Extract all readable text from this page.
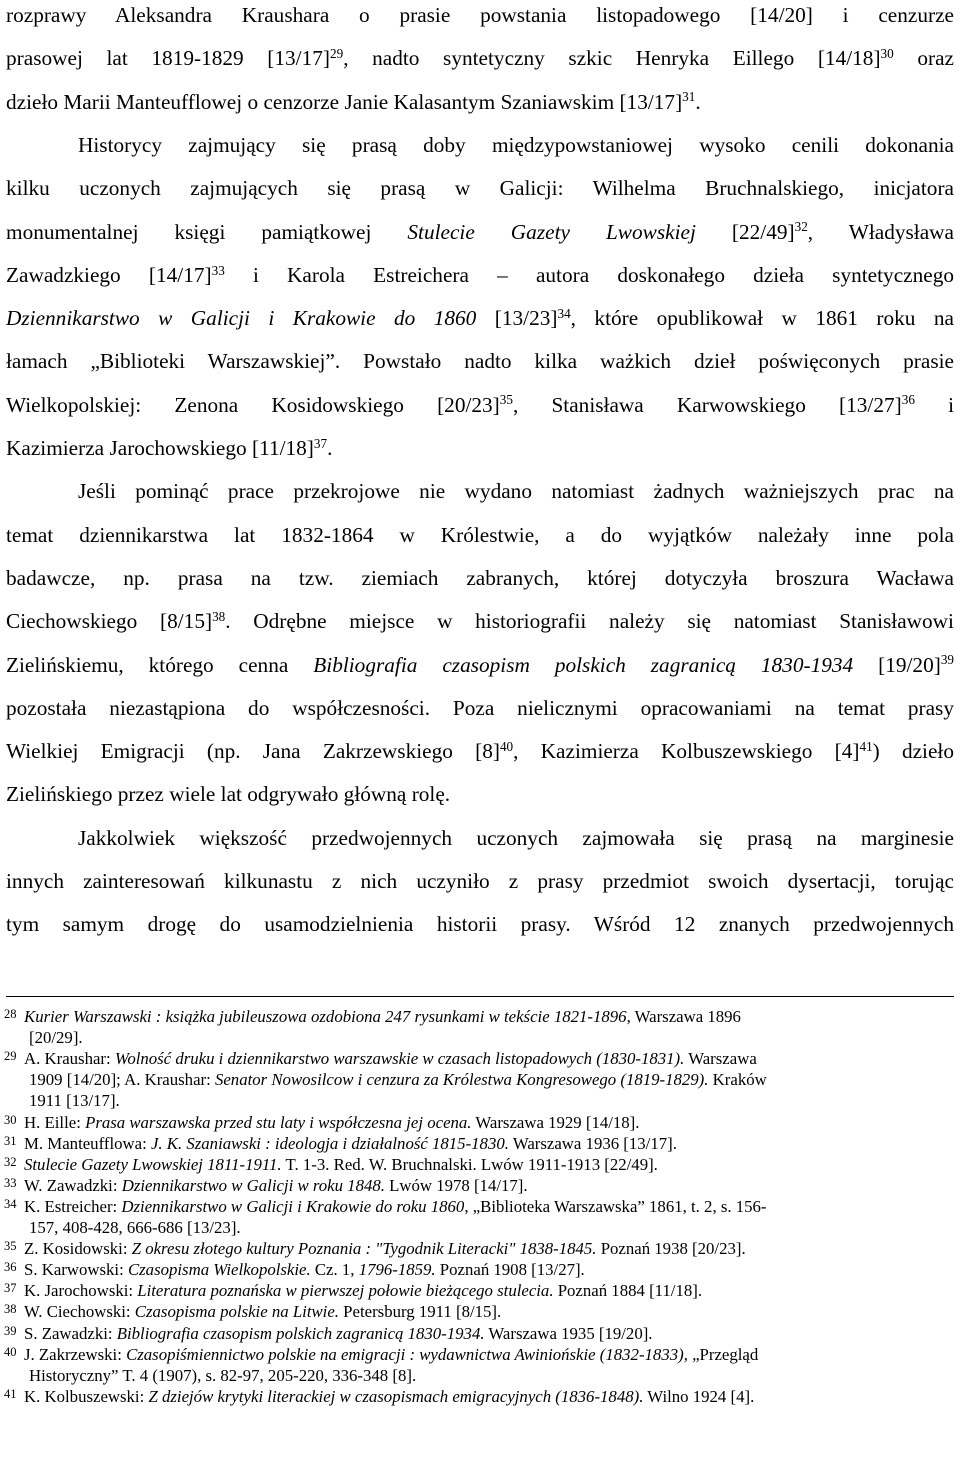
rozprawy Aleksandra Kraushara o prasie powstania listopadowego [14/20] i cenzurze
prasowej lat 1819-1829 $[13/17]^{29}$, nadto syntetyczny szkic Henryka Eillego $[14/18]^{30}$ oraz
dzieło Marii Manteufflowej o cenzorze Janie Kalasantym Szaniawskim $[13/17]^{31}$.
Historycy zajmujący się prasą doby międzypowstaniowej wysoko cenili dokonania
kilku uczonych zajmujących się prasą w Galicji: Wilhelma Bruchnalskiego, inicjatora
monumentalnej księgi pamiątkowej Stulecie Gazety Lwowskiej $[22/49]^{32}$, Władysława
Zawadzkiego $[14/17]^{33}$ i Karola Estreichera – autora doskonałego dzieła syntetycznego
Dziennikarstwo w Galicji i Krakowie do 1860 $[13/23]^{34}$, które opublikował w 1861 roku na
łamach „Biblioteki Warszawskiej”. Powstało nadto kilka ważkich dzieł poświęconych prasie
Wielkopolskiej: Zenona Kosidowskiego $[20/23]^{35}$, Stanisława Karwowskiego $[13/27]^{36}$ i
Kazimierza Jarochowskiego $[11/18]^{37}$.
Jeśli pominąć prace przekrojowe nie wydano natomiast żadnych ważniejszych prac na
temat dziennikarstwa lat 1832-1864 w Królestwie, a do wyjątków należały inne pola
badawcze, np. prasa na tzw. ziemiach zabranych, której dotyczyła broszura Wacława
Ciechowskiego $[8/15]^{38}$. Odrębne miejsce w historiografii należy się natomiast Stanisławowi
Zielińskiemu, którego cenna Bibliografia czasopism polskich zagranicą 1830-1934 $[19/20]^{39}$
pozostała niezastąpiona do współczesności. Poza nielicznymi opracowaniami na temat prasy
Wielkiej Emigracji (np. Jana Zakrzewskiego $[8]^{40}$, Kazimierza Kolbuszewskiego $[4]^{41}$) dzieło
Zielińskiego przez wiele lat odgrywało główną rolę.
Jakkolwiek większość przedwojennych uczonych zajmowała się prasą na marginesie
innych zainteresowań kilkunastu z nich uczyniło z prasy przedmiot swoich dysertacji, torując
tym samym drogę do usamodzielnienia historii prasy. Wśród 12 znanych przedwojennych
28 Kurier Warszawski : książka jubileuszowa ozdobiona 247 rysunkami w tekście 1821-1896, Warszawa 1896
[20/29].
29 A. Kraushar: Wolność druku i dziennikarstwo warszawskie w czasach listopadowych (1830-1831). Warszawa
1909 [14/20]; A. Kraushar: Senator Nowosilcow i cenzura za Królestwa Kongresowego (1819-1829). Kraków
1911 [13/17].
30 H. Eille: Prasa warszawska przed stu laty i współczesna jej ocena. Warszawa 1929 [14/18].
31 M. Manteufflowa: J. K. Szaniawski : ideologja i działalność 1815-1830. Warszawa 1936 [13/17].
32 Stulecie Gazety Lwowskiej 1811-1911. T. 1-3. Red. W. Bruchnalski. Lwów 1911-1913 [22/49].
33 W. Zawadzki: Dziennikarstwo w Galicji w roku 1848. Lwów 1978 [14/17].
34 K. Estreicher: Dziennikarstwo w Galicji i Krakowie do roku 1860, „Biblioteka Warszawska” 1861, t. 2, s. 156-
157, 408-428, 666-686 [13/23].
35 Z. Kosidowski: Z okresu złotego kultury Poznania : "Tygodnik Literacki" 1838-1845. Poznań 1938 [20/23].
36 S. Karwowski: Czasopisma Wielkopolskie. Cz. 1, 1796-1859. Poznań 1908 [13/27].
37 K. Jarochowski: Literatura poznańska w pierwszej połowie bieżącego stulecia. Poznań 1884 [11/18].
38 W. Ciechowski: Czasopisma polskie na Litwie. Petersburg 1911 [8/15].
39 S. Zawadzki: Bibliografia czasopism polskich zagranicą 1830-1934. Warszawa 1935 [19/20].
40 J. Zakrzewski: Czasopiśmiennictwo polskie na emigracji : wydawnictwa Awiniońskie (1832-1833), „Przegląd
Historyczny” T. 4 (1907), s. 82-97, 205-220, 336-348 [8].
41 K. Kolbuszewski: Z dziejów krytyki literackiej w czasopismach emigracyjnych (1836-1848). Wilno 1924 [4].
